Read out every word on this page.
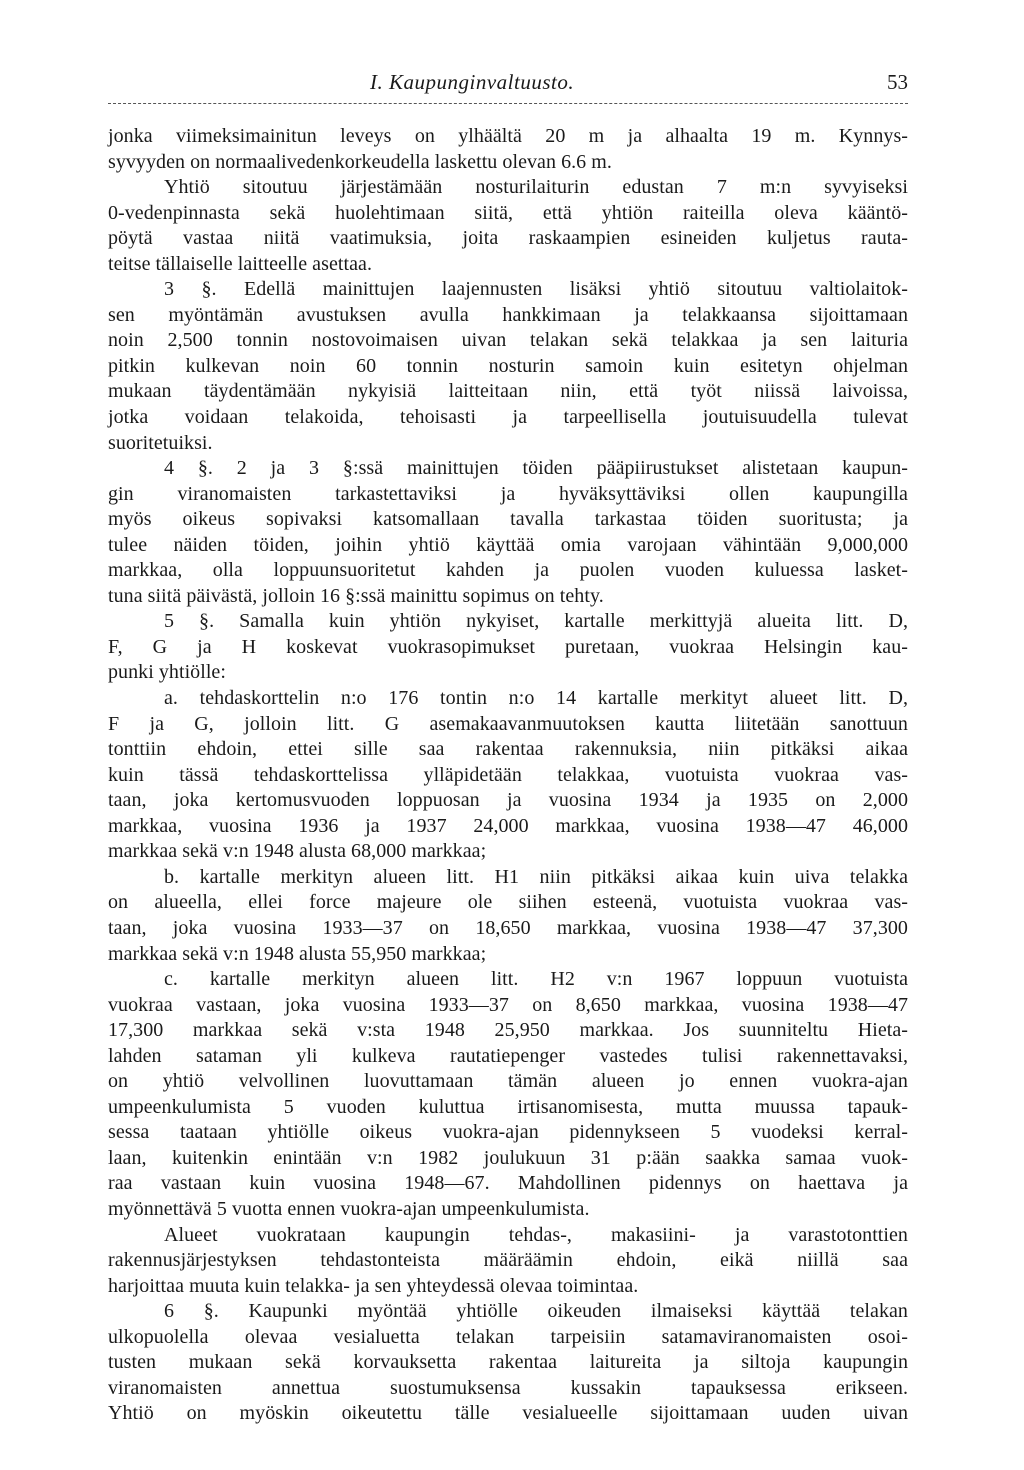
I. Kaupunginvaltuusto.	53
jonka viimeksimainitun leveys on ylhäältä 20 m ja alhaalta 19 m. Kynnys-
syvyyden on normaalivedenkorkeudella laskettu olevan 6.6 m.
Yhtiö sitoutuu järjestämään nosturilaiturin edustan 7 m:n syvyiseksi
0-vedenpinnasta sekä huolehtimaan siitä, että yhtiön raiteilla oleva kääntö-
pöytä vastaa niitä vaatimuksia, joita raskaampien esineiden kuljetus rauta-
teitse tällaiselle laitteelle asettaa.
3 §. Edellä mainittujen laajennusten lisäksi yhtiö sitoutuu valtiolaitok-
sen myöntämän avustuksen avulla hankkimaan ja telakkaansa sijoittamaan
noin 2,500 tonnin nostovoimaisen uivan telakan sekä telakkaa ja sen laituria
pitkin kulkevan noin 60 tonnin nosturin samoin kuin esitetyn ohjelman
mukaan täydentämään nykyisiä laitteitaan niin, että työt niissä laivoissa,
jotka voidaan telakoida, tehoisasti ja tarpeellisella joutuisuudella tulevat
suoritetuiksi.
4 §. 2 ja 3 §:ssä mainittujen töiden pääpiirustukset alistetaan kaupun-
gin viranomaisten tarkastettaviksi ja hyväksyttäviksi ollen kaupungilla
myös oikeus sopivaksi katsomallaan tavalla tarkastaa töiden suoritusta; ja
tulee näiden töiden, joihin yhtiö käyttää omia varojaan vähintään 9,000,000
markkaa, olla loppuunsuoritetut kahden ja puolen vuoden kuluessa lasket-
tuna siitä päivästä, jolloin 16 §:ssä mainittu sopimus on tehty.
5 §. Samalla kuin yhtiön nykyiset, kartalle merkittyjä alueita litt. D,
F, G ja H koskevat vuokrasopimukset puretaan, vuokraa Helsingin kau-
punki yhtiölle:
a. tehdaskorttelin n:o 176 tontin n:o 14 kartalle merkityt alueet litt. D,
F ja G, jolloin litt. G asemakaavanmuutoksen kautta liitetään sanottuun
tonttiin ehdoin, ettei sille saa rakentaa rakennuksia, niin pitkäksi aikaa
kuin tässä tehdaskorttelissa ylläpidetään telakkaa, vuotuista vuokraa vas-
taan, joka kertomusvuoden loppuosan ja vuosina 1934 ja 1935 on 2,000
markkaa, vuosina 1936 ja 1937 24,000 markkaa, vuosina 1938—47 46,000
markkaa sekä v:n 1948 alusta 68,000 markkaa;
b. kartalle merkityn alueen litt. H1 niin pitkäksi aikaa kuin uiva telakka
on alueella, ellei force majeure ole siihen esteenä, vuotuista vuokraa vas-
taan, joka vuosina 1933—37 on 18,650 markkaa, vuosina 1938—47 37,300
markkaa sekä v:n 1948 alusta 55,950 markkaa;
c. kartalle merkityn alueen litt. H2 v:n 1967 loppuun vuotuista
vuokraa vastaan, joka vuosina 1933—37 on 8,650 markkaa, vuosina 1938—47
17,300 markkaa sekä v:sta 1948 25,950 markkaa. Jos suunniteltu Hieta-
lahden sataman yli kulkeva rautatiepenger vastedes tulisi rakennettavaksi,
on yhtiö velvollinen luovuttamaan tämän alueen jo ennen vuokra-ajan
umpeenkulumista 5 vuoden kuluttua irtisanomisesta, mutta muussa tapauk-
sessa taataan yhtiölle oikeus vuokra-ajan pidennykseen 5 vuodeksi kerral-
laan, kuitenkin enintään v:n 1982 joulukuun 31 p:ään saakka samaa vuok-
raa vastaan kuin vuosina 1948—67. Mahdollinen pidennys on haettava ja
myönnettävä 5 vuotta ennen vuokra-ajan umpeenkulumista.
Alueet vuokrataan kaupungin tehdas-, makasiini- ja varastotonttien
rakennusjärjestyksen tehdastonteista määräämin ehdoin, eikä niillä saa
harjoittaa muuta kuin telakka- ja sen yhteydessä olevaa toimintaa.
6 §. Kaupunki myöntää yhtiölle oikeuden ilmaiseksi käyttää telakan
ulkopuolella olevaa vesialuetta telakan tarpeisiin satamaviranomaisten osoi-
tusten mukaan sekä korvauksetta rakentaa laitureita ja siltoja kaupungin
viranomaisten annettua suostumuksensa kussakin tapauksessa erikseen.
Yhtiö on myöskin oikeutettu tälle vesialueelle sijoittamaan uuden uivan
